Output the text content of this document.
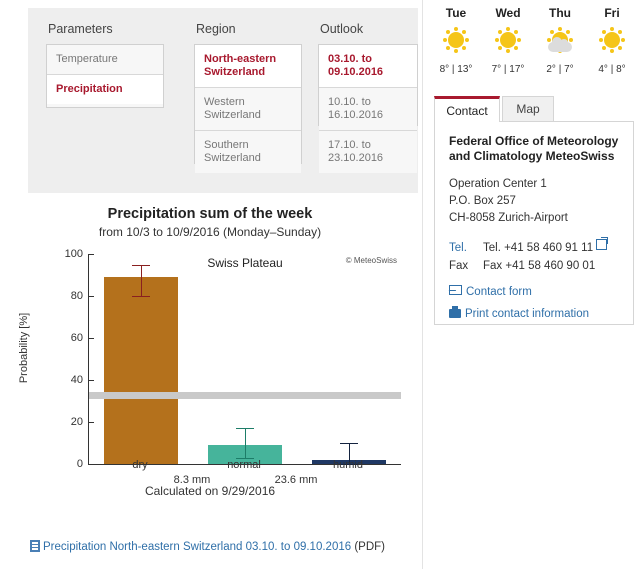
Parameters
Temperature
Precipitation
Region
North-eastern Switzerland
Western Switzerland
Southern Switzerland
Outlook
03.10. to 09.10.2016
10.10. to 16.10.2016
17.10. to 23.10.2016
Precipitation sum of the week
from 10/3 to 10/9/2016 (Monday–Sunday)
Probability [%]
Swiss Plateau	© MeteoSwiss
0
20
40
60
80
100
dry	normal	humid
8.3 mm	23.6 mm
Calculated on 9/29/2016
Precipitation North-eastern Switzerland 03.10. to 09.10.2016 (PDF)
Tue
8° | 13°
Wed
7° | 17°
Thu
2° | 7°
Fri
4° | 8°
Contact	Map
Federal Office of Meteorology and Climatology MeteoSwiss
Operation Center 1
P.O. Box 257
CH-8058 Zurich-Airport
Tel.	Tel. +41 58 460 91 11
Fax	Fax +41 58 460 90 01
Contact form
Print contact information
